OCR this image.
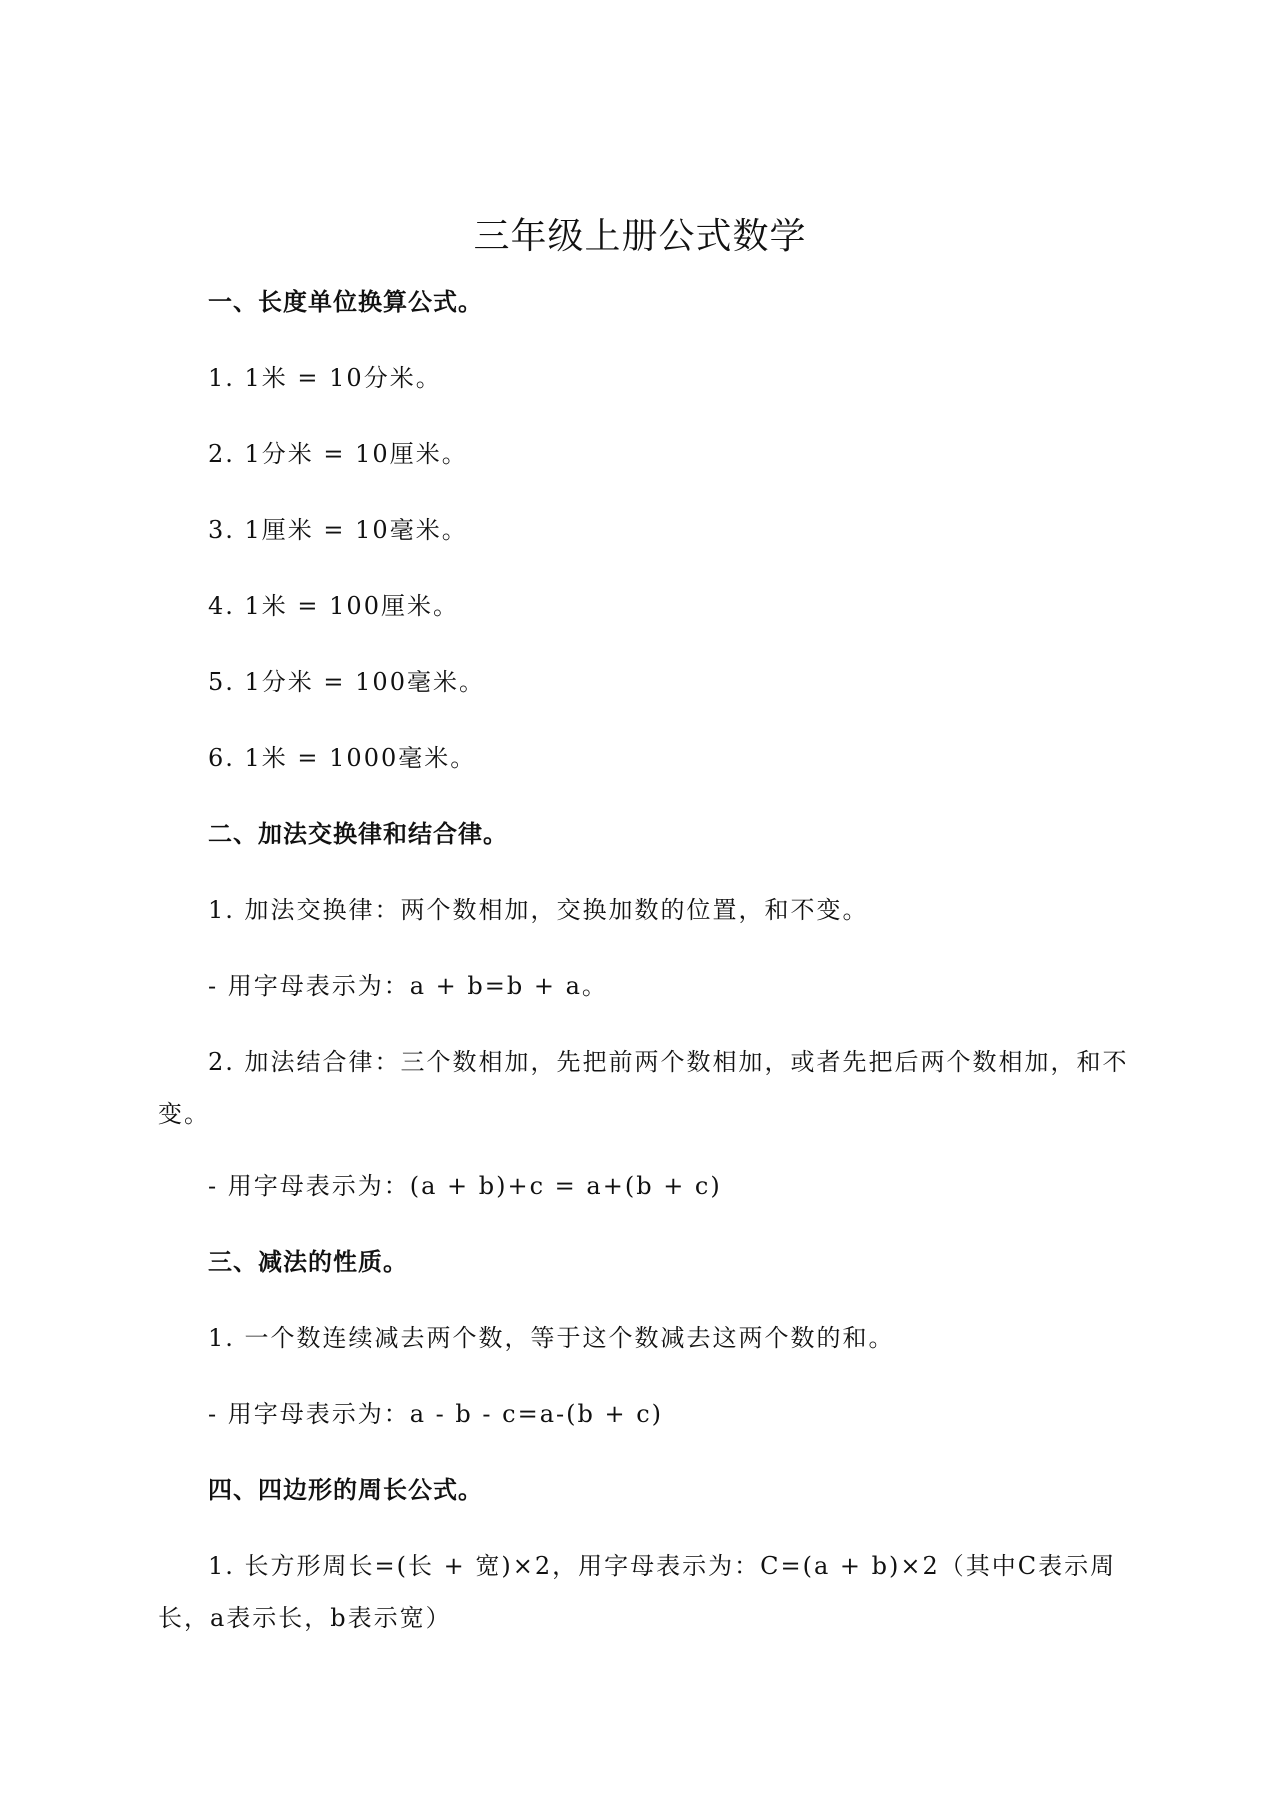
三年级上册公式数学
一、长度单位换算公式。
1. 1米 = 10分米。
2. 1分米 = 10厘米。
3. 1厘米 = 10毫米。
4. 1米 = 100厘米。
5. 1分米 = 100毫米。
6. 1米 = 1000毫米。
二、加法交换律和结合律。
1. 加法交换律：两个数相加，交换加数的位置，和不变。
- 用字母表示为：a + b=b + a。
2. 加法结合律：三个数相加，先把前两个数相加，或者先把后两个数相加，和不变。
- 用字母表示为：(a + b)+c = a+(b + c)
三、减法的性质。
1. 一个数连续减去两个数，等于这个数减去这两个数的和。
- 用字母表示为：a - b - c=a-(b + c)
四、四边形的周长公式。
1. 长方形周长=(长 + 宽)×2，用字母表示为：C=(a + b)×2（其中C表示周长，a表示长，b表示宽）
